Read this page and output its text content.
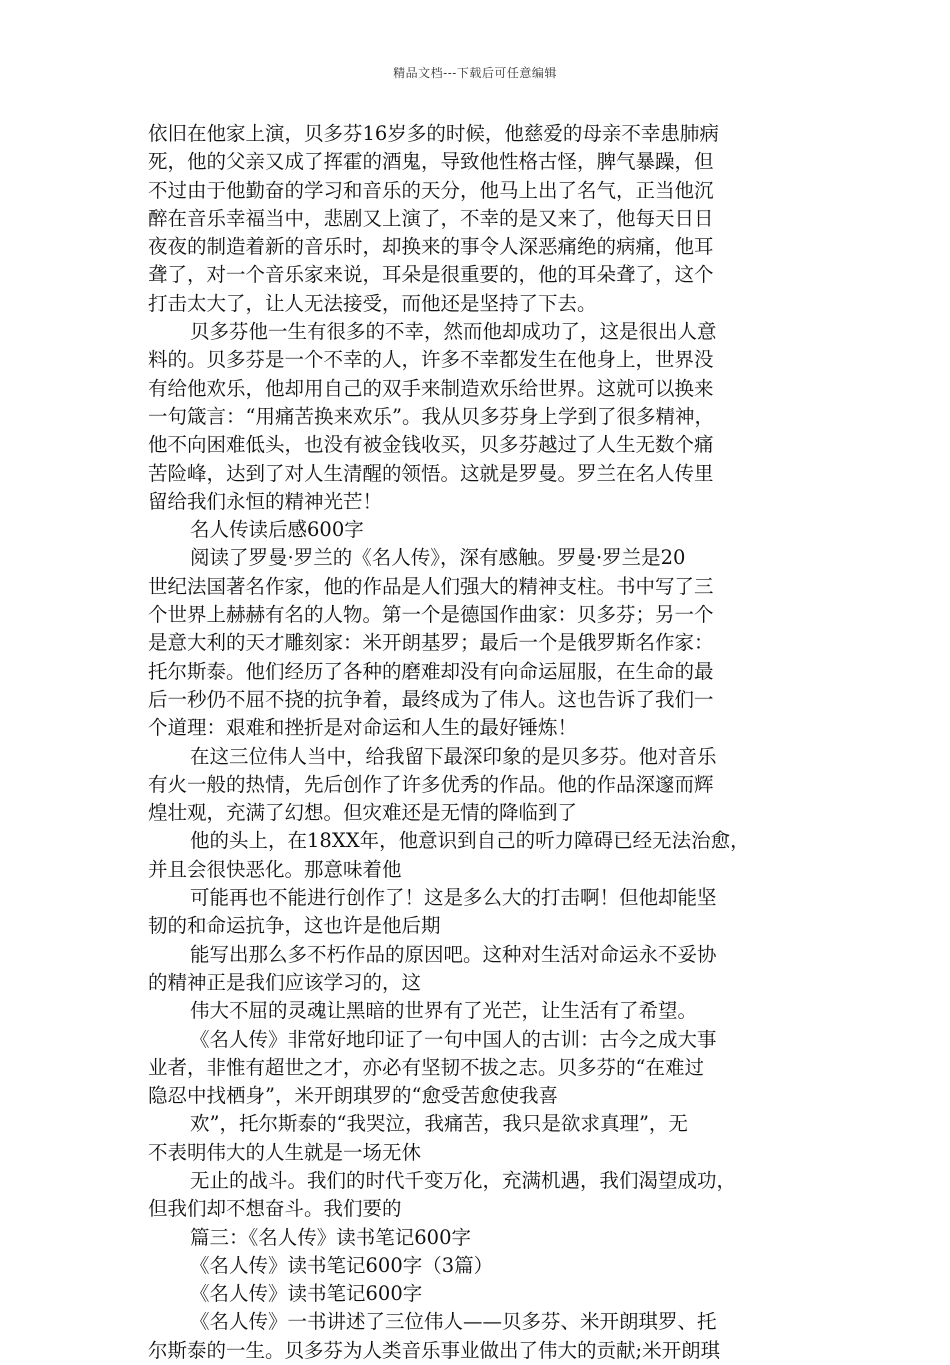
精品文档---下载后可任意编辑
依旧在他家上演，贝多芬16岁多的时候，他慈爱的母亲不幸患肺病
死，他的父亲又成了挥霍的酒鬼，导致他性格古怪，脾气暴躁，但
不过由于他勤奋的学习和音乐的天分，他马上出了名气，正当他沉
醉在音乐幸福当中，悲剧又上演了，不幸的是又来了，他每天日日
夜夜的制造着新的音乐时，却换来的事令人深恶痛绝的病痛，他耳
聋了，对一个音乐家来说，耳朵是很重要的，他的耳朵聋了，这个
打击太大了，让人无法接受，而他还是坚持了下去。
贝多芬他一生有很多的不幸，然而他却成功了，这是很出人意
料的。贝多芬是一个不幸的人，许多不幸都发生在他身上，世界没
有给他欢乐，他却用自己的双手来制造欢乐给世界。这就可以换来
一句箴言：“用痛苦换来欢乐”。我从贝多芬身上学到了很多精神，
他不向困难低头，也没有被金钱收买，贝多芬越过了人生无数个痛
苦险峰，达到了对人生清醒的领悟。这就是罗曼。罗兰在名人传里
留给我们永恒的精神光芒！
名人传读后感600字
阅读了罗曼·罗兰的《名人传》，深有感触。罗曼·罗兰是20
世纪法国著名作家，他的作品是人们强大的精神支柱。书中写了三
个世界上赫赫有名的人物。第一个是德国作曲家：贝多芬；另一个
是意大利的天才雕刻家：米开朗基罗；最后一个是俄罗斯名作家：
托尔斯泰。他们经历了各种的磨难却没有向命运屈服，在生命的最
后一秒仍不屈不挠的抗争着，最终成为了伟人。这也告诉了我们一
个道理：艰难和挫折是对命运和人生的最好锤炼！
在这三位伟人当中，给我留下最深印象的是贝多芬。他对音乐
有火一般的热情，先后创作了许多优秀的作品。他的作品深邃而辉
煌壮观，充满了幻想。但灾难还是无情的降临到了
他的头上，在18XX年，他意识到自己的听力障碍已经无法治愈，
并且会很快恶化。那意味着他
可能再也不能进行创作了！这是多么大的打击啊！但他却能坚
韧的和命运抗争，这也许是他后期
能写出那么多不朽作品的原因吧。这种对生活对命运永不妥协
的精神正是我们应该学习的，这
伟大不屈的灵魂让黑暗的世界有了光芒，让生活有了希望。
《名人传》非常好地印证了一句中国人的古训：古今之成大事
业者，非惟有超世之才，亦必有坚韧不拔之志。贝多芬的“在难过
隐忍中找栖身”，米开朗琪罗的“愈受苦愈使我喜
欢”，托尔斯泰的“我哭泣，我痛苦，我只是欲求真理”，无
不表明伟大的人生就是一场无休
无止的战斗。我们的时代千变万化，充满机遇，我们渴望成功，
但我们却不想奋斗。我们要的
篇三：《名人传》读书笔记600字
《名人传》读书笔记600字（3篇）
《名人传》读书笔记600字
《名人传》一书讲述了三位伟人——贝多芬、米开朗琪罗、托
尔斯泰的一生。贝多芬为人类音乐事业做出了伟大的贡献;米开朗琪
